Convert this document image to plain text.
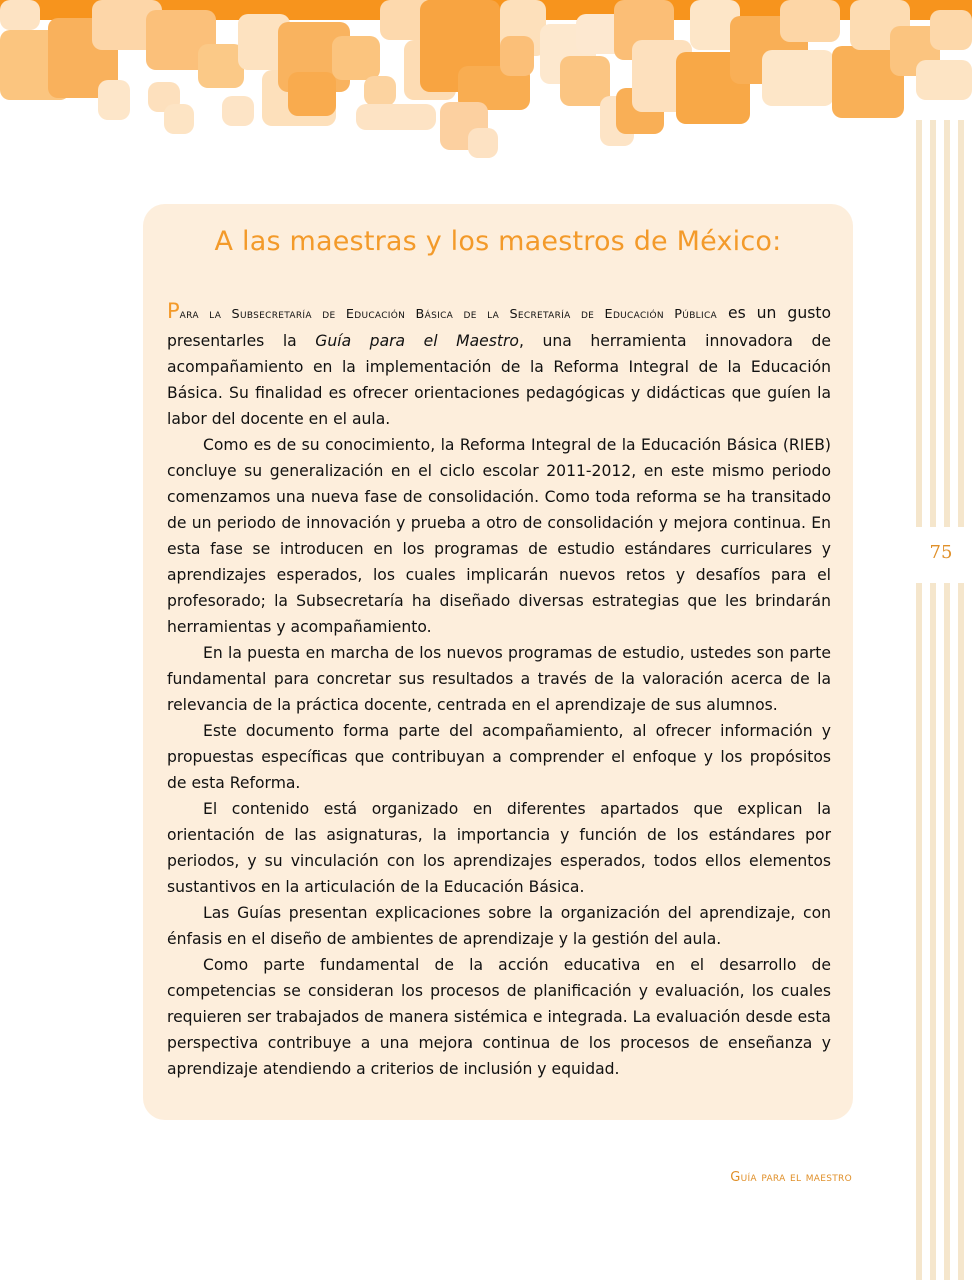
75
A las maestras y los maestros de México:

Para la Subsecretaría de Educación Básica de la Secretaría de Educación Pública es un gusto presentarles la Guía para el Maestro, una herramienta innovadora de acompañamiento en la implementación de la Reforma Integral de la Educación Básica. Su finalidad es ofrecer orientaciones pedagógicas y didácticas que guíen la labor del docente en el aula.

Como es de su conocimiento, la Reforma Integral de la Educación Básica (RIEB) concluye su generalización en el ciclo escolar 2011-2012, en este mismo periodo comenzamos una nueva fase de consolidación. Como toda reforma se ha transitado de un periodo de innovación y prueba a otro de consolidación y mejora continua. En esta fase se introducen en los programas de estudio estándares curriculares y aprendizajes esperados, los cuales implicarán nuevos retos y desafíos para el profesorado; la Subsecretaría ha diseñado diversas estrategias que les brindarán herramientas y acompañamiento.

En la puesta en marcha de los nuevos programas de estudio, ustedes son parte fundamental para concretar sus resultados a través de la valoración acerca de la relevancia de la práctica docente, centrada en el aprendizaje de sus alumnos.

Este documento forma parte del acompañamiento, al ofrecer información y propuestas específicas que contribuyan a comprender el enfoque y los propósitos de esta Reforma.

El contenido está organizado en diferentes apartados que explican la orientación de las asignaturas, la importancia y función de los estándares por periodos, y su vinculación con los aprendizajes esperados, todos ellos elementos sustantivos en la articulación de la Educación Básica.

Las Guías presentan explicaciones sobre la organización del aprendizaje, con énfasis en el diseño de ambientes de aprendizaje y la gestión del aula.

Como parte fundamental de la acción educativa en el desarrollo de competencias se consideran los procesos de planificación y evaluación, los cuales requieren ser trabajados de manera sistémica e integrada. La evaluación desde esta perspectiva contribuye a una mejora continua de los procesos de enseñanza y aprendizaje atendiendo a criterios de inclusión y equidad.

Guía para el maestro
